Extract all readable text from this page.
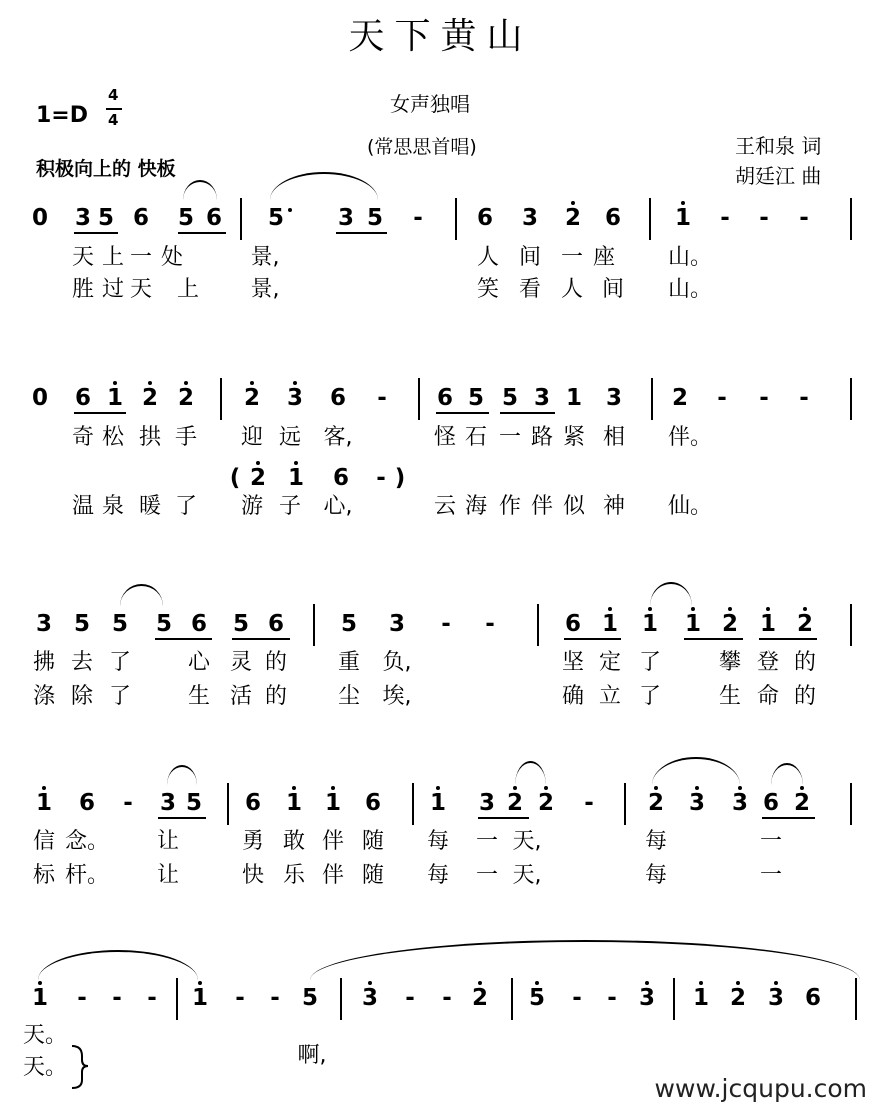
天下黄山
女声独唱
(常思思首唱)
1=D
4
4
积极向上的 快板
王和泉 词
胡廷江 曲
0 3 5 6 5 6 5 3 5 - 6 3 2 6 1 - - -
0 6 1 2 2 2 3 6 - 6 5 5 3 1 3 2 - - -
3 5 5 5 6 5 6 5 3 - -	6 1 1 1 2 1 2
1 6 - 3 5 6 1 1 6 1 3 2 2 - 2 3 3 6 2
1 - - - 1 - - 5 3 - - 2 5 - - 3 1 2 3 6
天 上 一 处	景,	人 间 一 座 山。
胜 过 天 上 景,	笑 看 人 间 山。
奇 松 拱 手 迎 远 客,	怪 石 一 路 紧 相 伴。
温 泉 暖 了 游 子 心,	云 海 作 伴 似 神 仙。
拂 去 了	心 灵 的 重 负,	坚 定 了	攀 登 的
涤 除 了	生 活 的 尘 埃,	确 立 了	生 命 的
信 念。 让	勇 敢 伴 随 每 一 天,	每	一
标 杆。 让	快 乐 伴 随 每 一 天,	每	一
天。
天。	啊,
( 2 1 6 - )
www.jcqupu.com
